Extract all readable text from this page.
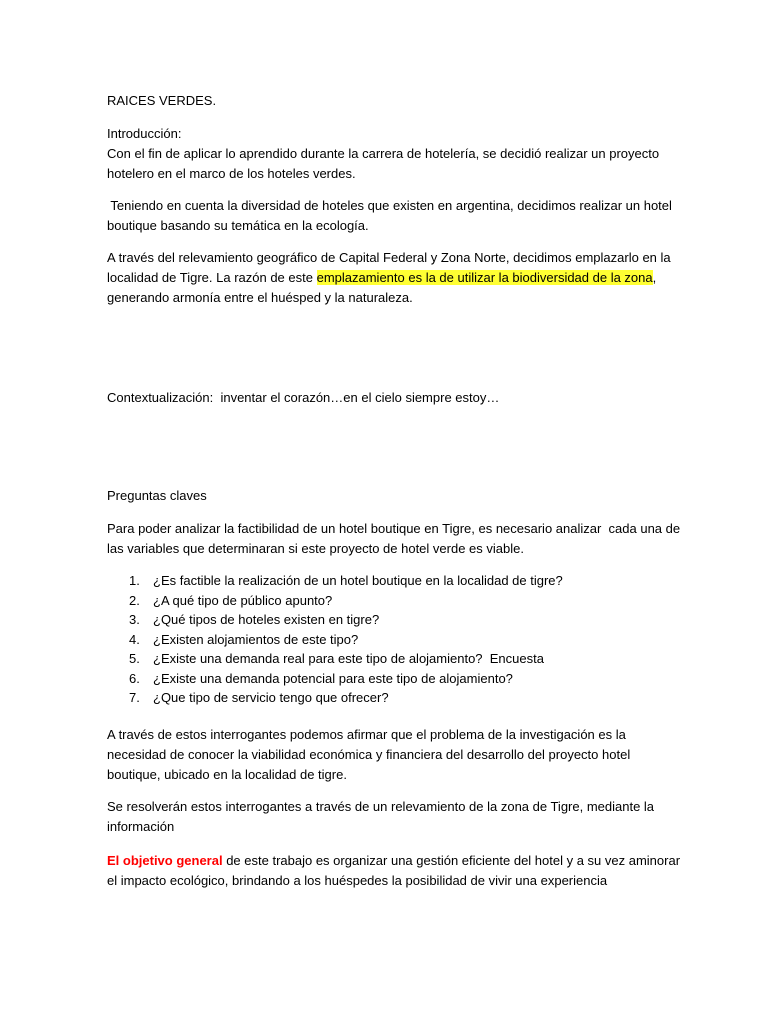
RAICES VERDES.

Introducción:
Con el fin de aplicar lo aprendido durante la carrera de hotelería, se decidió realizar un proyecto
hotelero en el marco de los hoteles verdes.
Teniendo en cuenta la diversidad de hoteles que existen en argentina, decidimos realizar un hotel
boutique basando su temática en la ecología.
A través del relevamiento geográfico de Capital Federal y Zona Norte, decidimos emplazarlo en la
localidad de Tigre. La razón de este emplazamiento es la de utilizar la biodiversidad de la zona,
generando armonía entre el huésped y la naturaleza.

Contextualización:  inventar el corazón…en el cielo siempre estoy…

Preguntas claves

Para poder analizar la factibilidad de un hotel boutique en Tigre, es necesario analizar  cada una de
las variables que determinaran si este proyecto de hotel verde es viable.
1.	¿Es factible la realización de un hotel boutique en la localidad de tigre?
2.	¿A qué tipo de público apunto?
3.	¿Qué tipos de hoteles existen en tigre?
4.	¿Existen alojamientos de este tipo?
5.	¿Existe una demanda real para este tipo de alojamiento?  Encuesta
6.	¿Existe una demanda potencial para este tipo de alojamiento?
7.	¿Que tipo de servicio tengo que ofrecer?
A través de estos interrogantes podemos afirmar que el problema de la investigación es la
necesidad de conocer la viabilidad económica y financiera del desarrollo del proyecto hotel
boutique, ubicado en la localidad de tigre.
Se resolverán estos interrogantes a través de un relevamiento de la zona de Tigre, mediante la
información
El objetivo general de este trabajo es organizar una gestión eficiente del hotel y a su vez aminorar
el impacto ecológico, brindando a los huéspedes la posibilidad de vivir una experiencia
